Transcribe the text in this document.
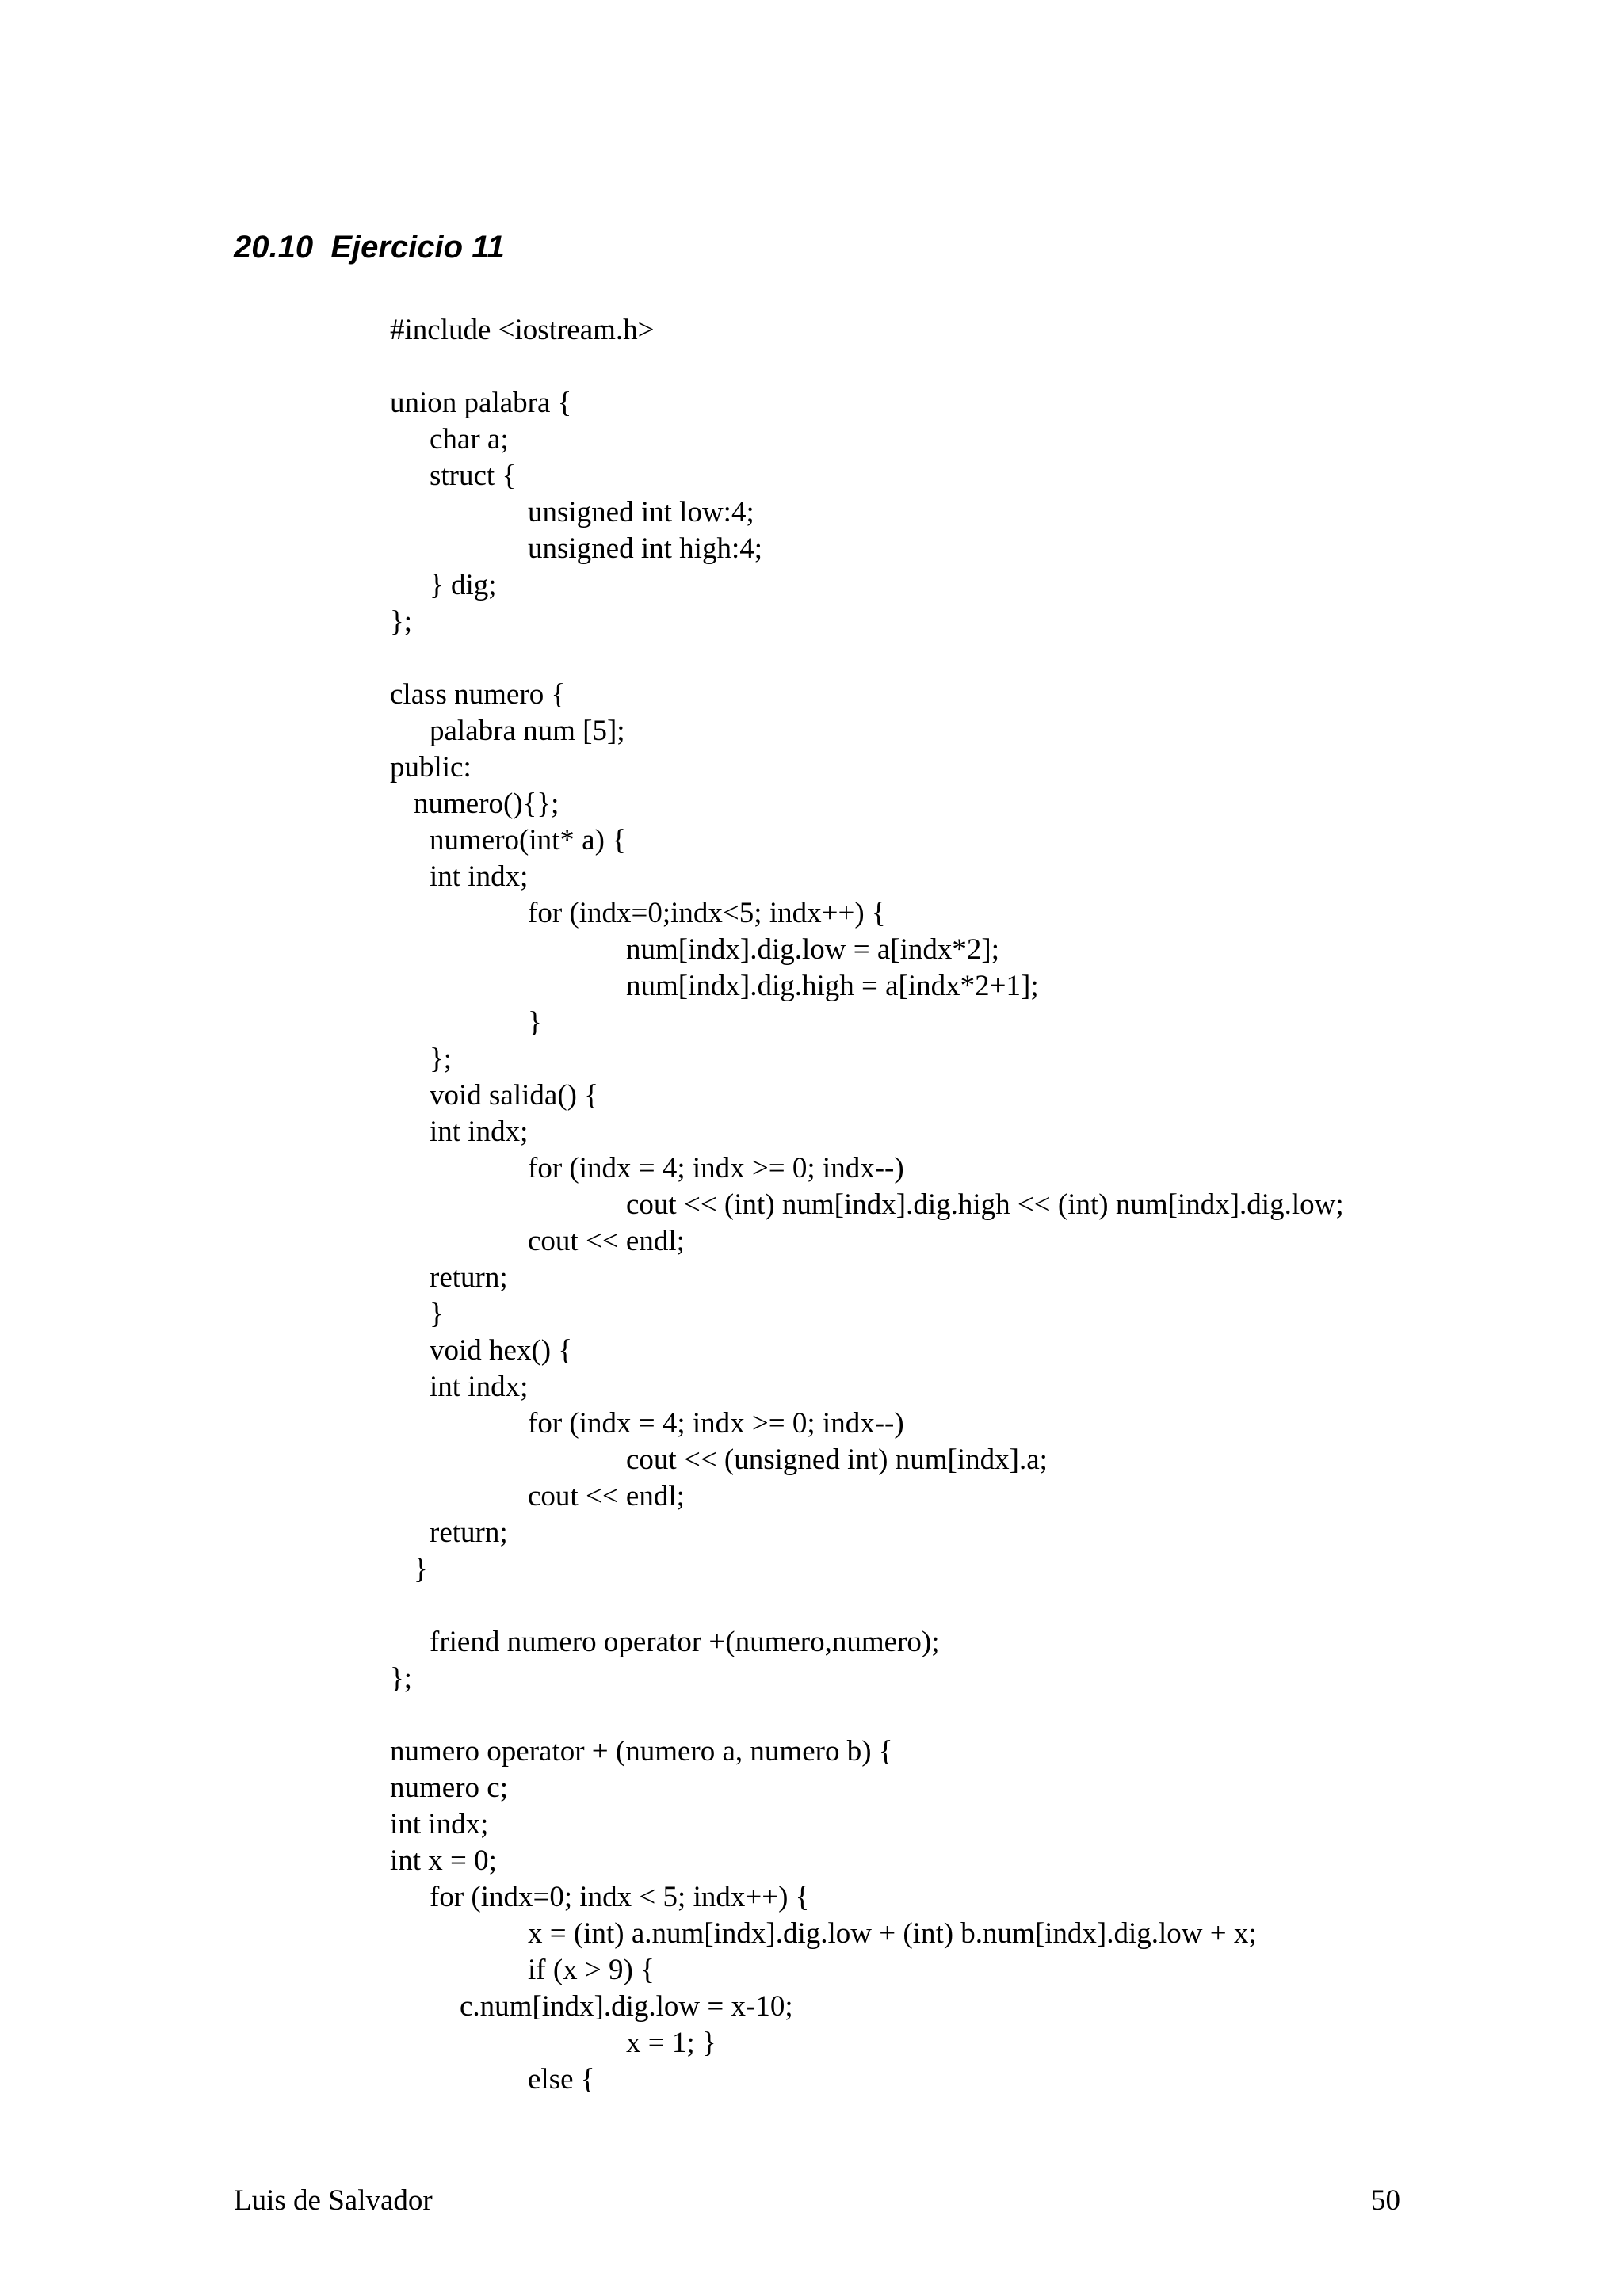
20.10  Ejercicio 11
#include <iostream.h>
union palabra {
char a;
struct {
unsigned int low:4;
unsigned int high:4;
} dig;
};
class numero {
palabra num [5];
public:
numero(){};
numero(int* a) {
int indx;
for (indx=0;indx<5; indx++) {
num[indx].dig.low = a[indx*2];
num[indx].dig.high = a[indx*2+1];
}
};
void salida() {
int indx;
for (indx = 4; indx >= 0; indx--)
cout << (int) num[indx].dig.high << (int) num[indx].dig.low;
cout << endl;
return;
}
void hex() {
int indx;
for (indx = 4; indx >= 0; indx--)
cout << (unsigned int) num[indx].a;
cout << endl;
return;
}
friend numero operator +(numero,numero);
};
numero operator + (numero a, numero b) {
numero c;
int indx;
int x = 0;
for (indx=0; indx < 5; indx++) {
x = (int) a.num[indx].dig.low + (int) b.num[indx].dig.low + x;
if (x > 9) {
c.num[indx].dig.low = x-10;
x = 1; }
else {
Luis de Salvador	50
